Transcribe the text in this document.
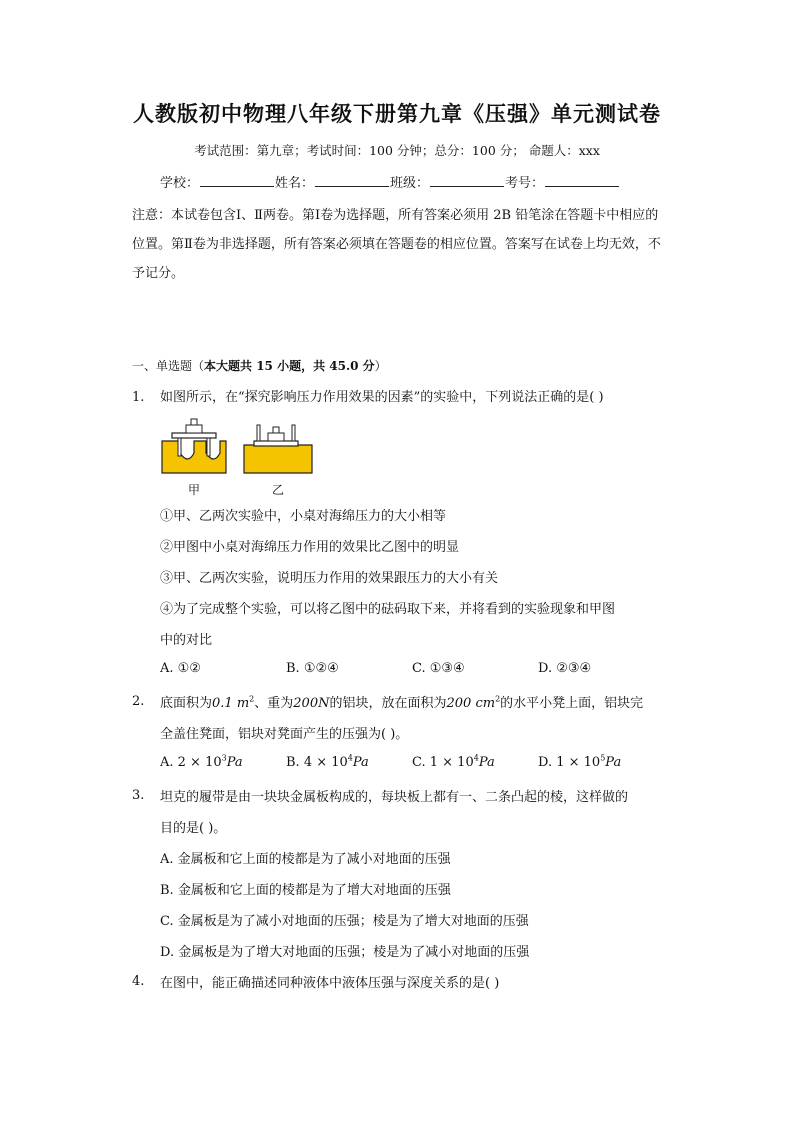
人教版初中物理八年级下册第九章《压强》单元测试卷
考试范围：第九章；考试时间：100 分钟；总分：100 分； 命题人：xxx
学校：	姓名：	班级：	考号：
注意：本试卷包含Ⅰ、Ⅱ两卷。第Ⅰ卷为选择题，所有答案必须用 2B 铅笔涂在答题卡中相应的位置。第Ⅱ卷为非选择题，所有答案必须填在答题卷的相应位置。答案写在试卷上均无效，不予记分。
一、单选题（本大题共 15 小题，共 45.0 分）
1. 如图所示，在“探究影响压力作用效果的因素”的实验中，下列说法正确的是( )
甲	乙
①甲、乙两次实验中，小桌对海绵压力的大小相等
②甲图中小桌对海绵压力作用的效果比乙图中的明显
③甲、乙两次实验，说明压力作用的效果跟压力的大小有关
④为了完成整个实验，可以将乙图中的砝码取下来，并将看到的实验现象和甲图
中的对比
A. ①②	B. ①②④	C. ①③④	D. ②③④
2. 底面积为0.1 $m^2$、重为200N的铝块，放在面积为200 $cm^2$的水平小凳上面，铝块完
全盖住凳面，铝块对凳面产生的压强为( )。
A. $2 \times 10^3Pa$	B. $4 \times 10^4Pa$	C. $1 \times 10^4Pa$	D. $1 \times 10^5Pa$
3. 坦克的履带是由一块块金属板构成的，每块板上都有一、二条凸起的棱，这样做的
目的是( )。
A. 金属板和它上面的棱都是为了减小对地面的压强
B. 金属板和它上面的棱都是为了增大对地面的压强
C. 金属板是为了减小对地面的压强；棱是为了增大对地面的压强
D. 金属板是为了增大对地面的压强；棱是为了减小对地面的压强
4. 在图中，能正确描述同种液体中液体压强与深度关系的是( )
